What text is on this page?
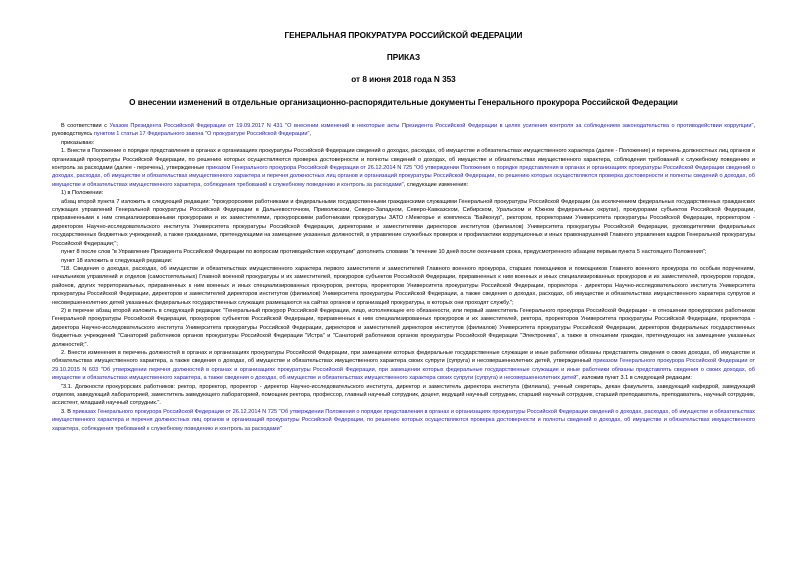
ГЕНЕРАЛЬНАЯ ПРОКУРАТУРА РОССИЙСКОЙ ФЕДЕРАЦИИ
ПРИКАЗ
от 8 июня 2018 года N 353
О внесении изменений в отдельные организационно-распорядительные документы Генерального прокурора Российской Федерации

В соответствии с Указом Президента Российской Федерации от 19.09.2017 N 431 "О внесении изменений в некоторые акты Президента Российской Федерации в целях усиления контроля за соблюдением законодательства о противодействии коррупции", руководствуясь пунктом 1 статьи 17 Федерального закона "О прокуратуре Российской Федерации",

приказываю:

1. Внести в Положение о порядке представления в органах и организациях прокуратуры Российской Федерации сведений о доходах, расходах, об имуществе и обязательствах имущественного характера (далее - Положение) и перечень должностных лиц органов и организаций прокуратуры Российской Федерации, по решению которых осуществляются проверка достоверности и полноты сведений о доходах, об имуществе и обязательствах имущественного характера, соблюдения требований к служебному поведению и контроль за расходами (далее - перечень), утвержденные приказом Генерального прокурора Российской Федерации от 26.12.2014 N 725 "Об утверждении Положения о порядке представления в органах и организациях прокуратуры Российской Федерации сведений о доходах, расходах, об имуществе и обязательствах имущественного характера и перечня должностных лиц органов и организаций прокуратуры Российской Федерации, по решению которых осуществляются проверка достоверности и полноты сведений о доходах, об имуществе и обязательствах имущественного характера, соблюдения требований к служебному поведению и контроль за расходами", следующие изменения:

1) в Положении:

абзац второй пункта 7 изложить в следующей редакции: "прокурорскими работниками и федеральными государственными гражданскими служащими Генеральной прокуратуры Российской Федерации (за исключением федеральных государственных гражданских служащих управлений Генеральной прокуратуры Российской Федерации в Дальневосточном, Приволжском, Северо-Западном, Северо-Кавказском, Сибирском, Уральском и Южном федеральных округах), прокурорами субъектов Российской Федерации, приравненными к ним специализированными прокурорами и их заместителями, прокурорскими работниками прокуратуры ЗАТО г.Межгорье и комплекса "Байконур", ректором, проректорами Университета прокуратуры Российской Федерации, проректором - директором Научно-исследовательского института Университета прокуратуры Российской Федерации, директорами и заместителями директоров институтов (филиалов) Университета прокуратуры Российской Федерации, руководителями федеральных государственных бюджетных учреждений, а также гражданами, претендующими на замещение указанных должностей, в управление служебных проверок и профилактики коррупционных и иных правонарушений Главного управления кадров Генеральной прокуратуры Российской Федерации;";

пункт 8 после слов "в Управление Президента Российской Федерации по вопросам противодействия коррупции" дополнить словами "в течение 10 дней после окончания срока, предусмотренного абзацем первым пункта 5 настоящего Положения";

пункт 18 изложить в следующей редакции:

"18. Сведения о доходах, расходах, об имуществе и обязательствах имущественного характера первого заместителя и заместителей Главного военного прокурора, старших помощников и помощников Главного военного прокурора по особым поручениям, начальников управлений и отделов (самостоятельных) Главной военной прокуратуры и их заместителей, прокуроров субъектов Российской Федерации, приравненных к ним военных и иных специализированных прокуроров и их заместителей, прокуроров городов, районов, других территориальных, приравненных к ним военных и иных специализированных прокуроров, ректора, проректоров Университета прокуратуры Российской Федерации, проректора - директора Научно-исследовательского института Университета прокуратуры Российской Федерации, директоров и заместителей директоров институтов (филиалов) Университета прокуратуры Российской Федерации, а также сведения о доходах, расходах, об имуществе и обязательствах имущественного характера супругов и несовершеннолетних детей указанных федеральных государственных служащих размещаются на сайтах органов и организаций прокуратуры, в которых они проходят службу.";

2) в перечне абзац второй изложить в следующей редакции: "Генеральный прокурор Российской Федерации, лицо, исполняющее его обязанности, или первый заместитель Генерального прокурора Российской Федерации - в отношении прокурорских работников Генеральной прокуратуры Российской Федерации, прокуроров субъектов Российской Федерации, приравненных к ним специализированных прокуроров и их заместителей, ректора, проректоров Университета прокуратуры Российской Федерации, проректора - директора Научно-исследовательского института Университета прокуратуры Российской Федерации, директоров и заместителей директоров институтов (филиалов) Университета прокуратуры Российской Федерации, директоров федеральных государственных бюджетных учреждений "Санаторий работников органов прокуратуры Российской Федерации "Истра" и "Санаторий работников органов прокуратуры Российской Федерации "Электроника", а также в отношении граждан, претендующих на замещение указанных должностей;".

2. Внести изменения в перечень должностей в органах и организациях прокуратуры Российской Федерации, при замещении которых федеральные государственные служащие и иные работники обязаны представлять сведения о своих доходах, об имуществе и обязательствах имущественного характера, а также сведения о доходах, об имуществе и обязательствах имущественного характера своих супруги (супруга) и несовершеннолетних детей, утвержденный приказом Генерального прокурора Российской Федерации от 29.10.2015 N 603 "Об утверждении перечня должностей в органах и организациях прокуратуры Российской Федерации, при замещении которых федеральные государственные служащие и иные работники обязаны представлять сведения о своих доходах, об имуществе и обязательствах имущественного характера, а также сведения о доходах, об имуществе и обязательствах имущественного характера своих супруги (супруга) и несовершеннолетних детей", изложив пункт 3.1 в следующей редакции:

"3.1. Должности прокурорских работников: ректор, проректор, проректор - директор Научно-исследовательского института, директор и заместитель директора института (филиала), ученый секретарь, декан факультета, заведующий кафедрой, заведующий отделом, заведующий лабораторией, заместитель заведующего лабораторией, помощник ректора, профессор, главный научный сотрудник, доцент, ведущий научный сотрудник, старший научный сотрудник, старший преподаватель, преподаватель, научный сотрудник, ассистент, младший научный сотрудник.".

3. В приказах Генерального прокурора Российской Федерации от 26.12.2014 N 725 "Об утверждении Положения о порядке представления в органах и организациях прокуратуры Российской Федерации сведений о доходах, расходах, об имуществе и обязательствах имущественного характера и перечня должностных лиц органов и организаций прокуратуры Российской Федерации, по решению которых осуществляются проверка достоверности и полноты сведений о доходах, об имуществе и обязательствах имущественного характера, соблюдения требований к служебному поведению и контроль за расходами"
